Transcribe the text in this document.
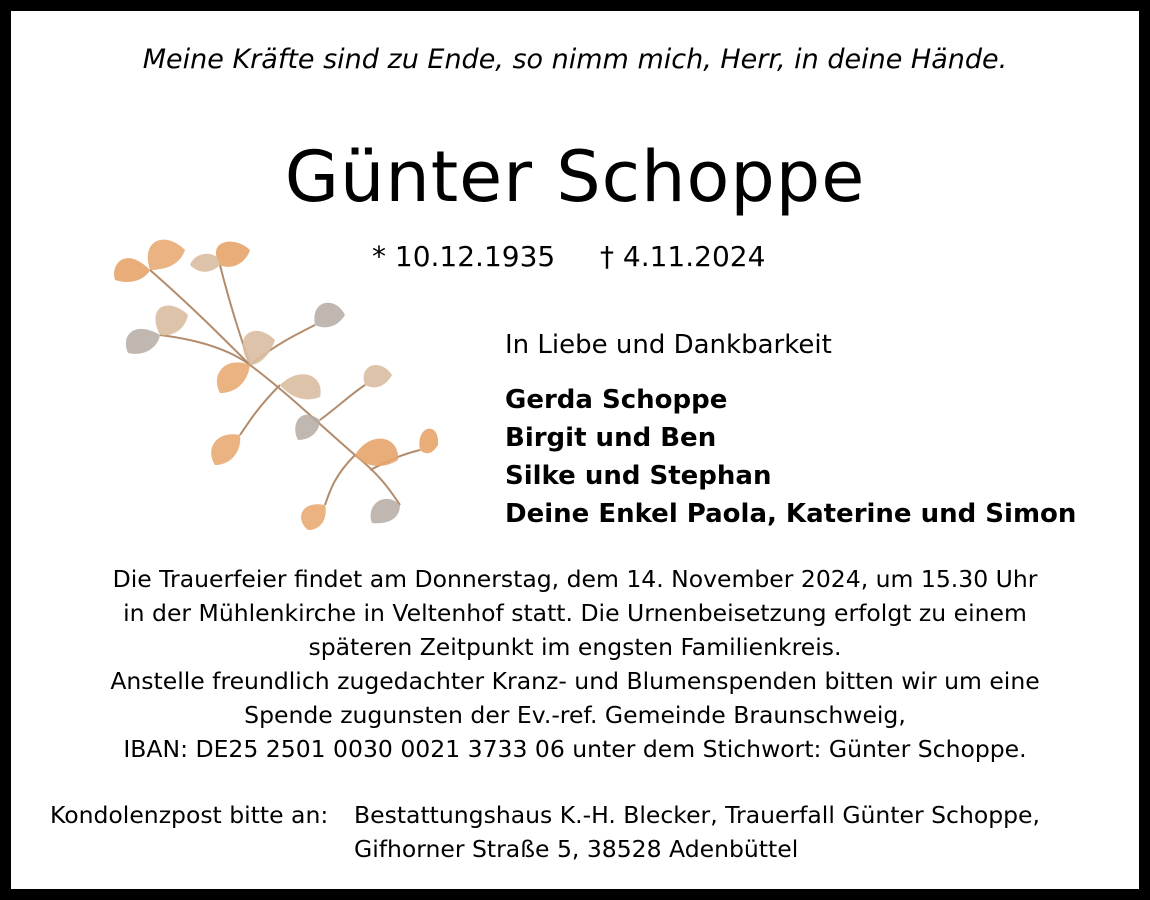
Meine Kräfte sind zu Ende, so nimm mich, Herr, in deine Hände.
Günter Schoppe
* 10.12.1935 † 4.11.2024
In Liebe und Dankbarkeit
Gerda Schoppe
Birgit und Ben
Silke und Stephan
Deine Enkel Paola, Katerine und Simon
Die Trauerfeier findet am Donnerstag, dem 14. November 2024, um 15.30 Uhr
in der Mühlenkirche in Veltenhof statt. Die Urnenbeisetzung erfolgt zu einem
späteren Zeitpunkt im engsten Familienkreis.
Anstelle freundlich zugedachter Kranz- und Blumenspenden bitten wir um eine
Spende zugunsten der Ev.-ref. Gemeinde Braunschweig,
IBAN: DE25 2501 0030 0021 3733 06 unter dem Stichwort: Günter Schoppe.
Kondolenzpost bitte an: Bestattungshaus K.-H. Blecker, Trauerfall Günter Schoppe,
Gifhorner Straße 5, 38528 Adenbüttel
